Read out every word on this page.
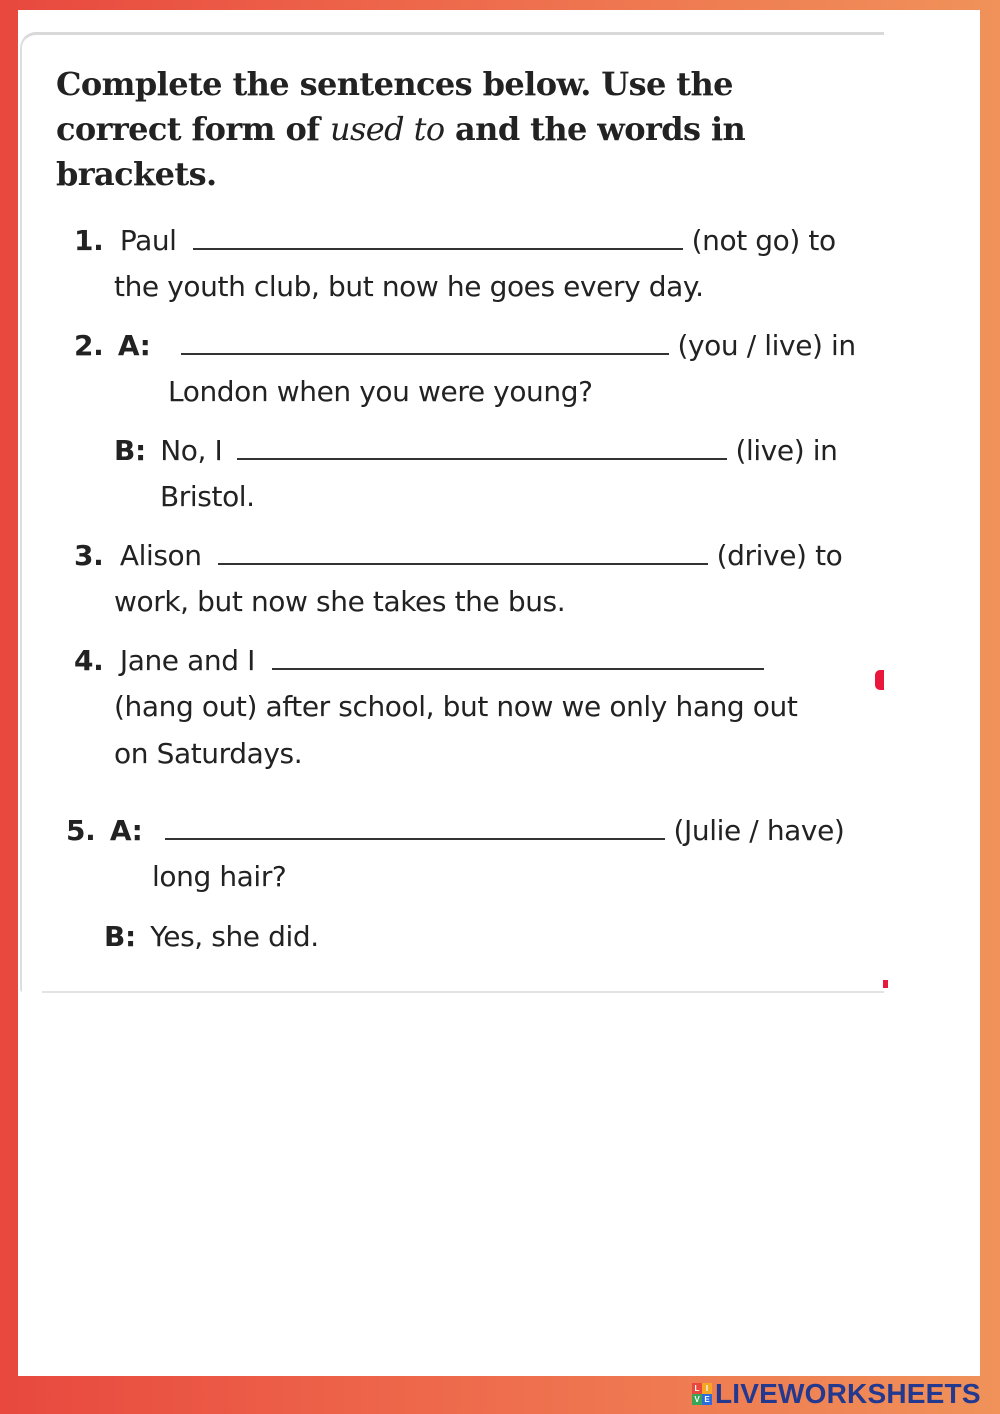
Complete the sentences below. Use the correct form of used to and the words in brackets.
1. Paul	(not go) to
the youth club, but now he goes every day.
2. A:	(you / live) in
London when you were young?
B: No, I	(live) in
Bristol.
3. Alison	(drive) to
work, but now she takes the bus.
4. Jane and I
(hang out) after school, but now we only hang out
on Saturdays.
5. A:	(Julie / have)
long hair?
B: Yes, she did.
L I
V E LIVEWORKSHEETS
